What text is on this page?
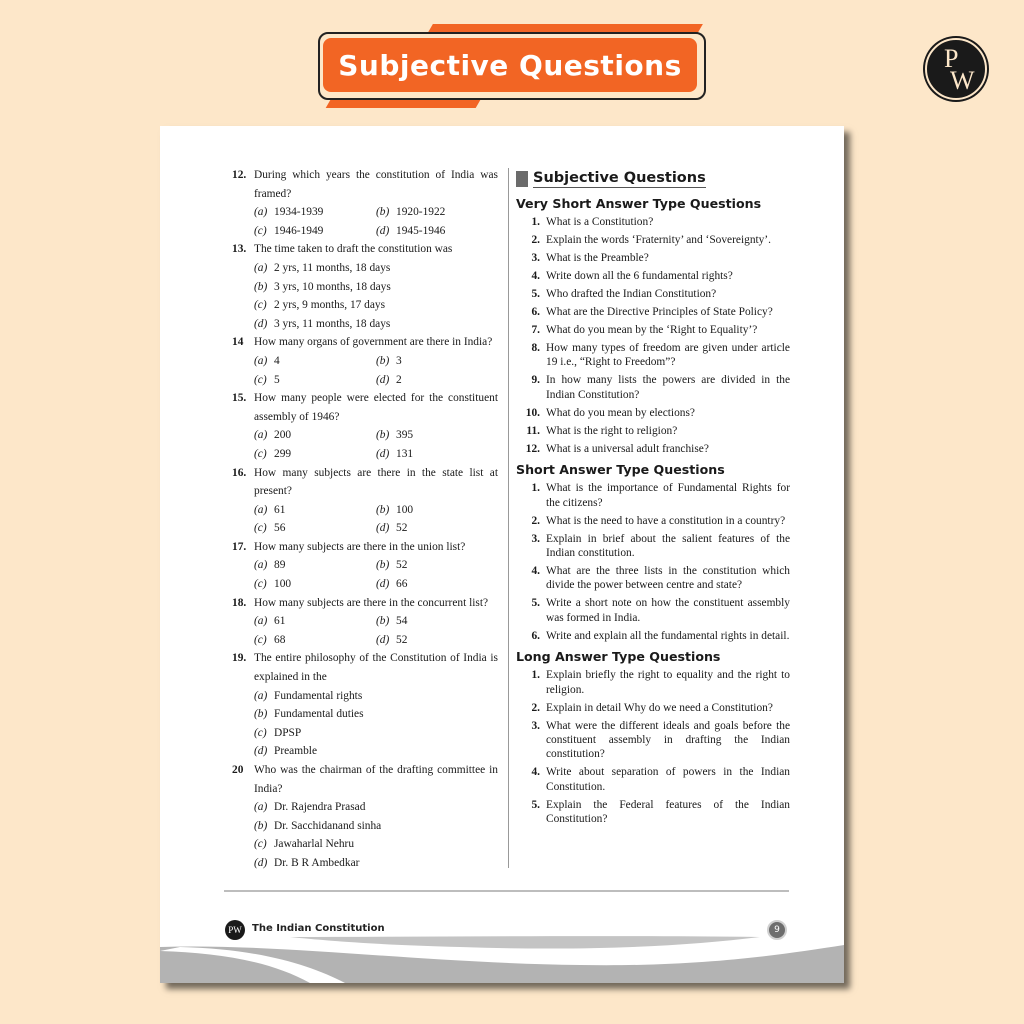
Subjective Questions	P
W
12. During which years the constitution of India was framed?
(a) 1934-1939	(b) 1920-1922
(c) 1946-1949	(d) 1945-1946
13. The time taken to draft the constitution was
(a) 2 yrs, 11 months, 18 days
(b) 3 yrs, 10 months, 18 days
(c) 2 yrs, 9 months, 17 days
(d) 3 yrs, 11 months, 18 days
14 How many organs of government are there in India?
(a) 4	(b) 3
(c) 5	(d) 2
15. How many people were elected for the constituent assembly of 1946?
(a) 200	(b) 395
(c) 299	(d) 131
16. How many subjects are there in the state list at present?
(a) 61	(b) 100
(c) 56	(d) 52
17. How many subjects are there in the union list?
(a) 89	(b) 52
(c) 100	(d) 66
18. How many subjects are there in the concurrent list?
(a) 61	(b) 54
(c) 68	(d) 52
19. The entire philosophy of the Constitution of India is explained in the
(a) Fundamental rights
(b) Fundamental duties
(c) DPSP
(d) Preamble
20 Who was the chairman of the drafting committee in India?
(a) Dr. Rajendra Prasad
(b) Dr. Sacchidanand sinha
(c) Jawaharlal Nehru
(d) Dr. B R Ambedkar
Subjective Questions
Very Short Answer Type Questions
1. What is a Constitution?
2. Explain the words ‘Fraternity’ and ‘Sovereignty’.
3. What is the Preamble?
4. Write down all the 6 fundamental rights?
5. Who drafted the Indian Constitution?
6. What are the Directive Principles of State Policy?
7. What do you mean by the ‘Right to Equality’?
8. How many types of freedom are given under article 19 i.e., “Right to Freedom”?
9. In how many lists the powers are divided in the Indian Constitution?
10. What do you mean by elections?
11. What is the right to religion?
12. What is a universal adult franchise?
Short Answer Type Questions
1. What is the importance of Fundamental Rights for the citizens?
2. What is the need to have a constitution in a country?
3. Explain in brief about the salient features of the Indian constitution.
4. What are the three lists in the constitution which divide the power between centre and state?
5. Write a short note on how the constituent assembly was formed in India.
6. Write and explain all the fundamental rights in detail.
Long Answer Type Questions
1. Explain briefly the right to equality and the right to religion.
2. Explain in detail Why do we need a Constitution?
3. What were the different ideals and goals before the constituent assembly in drafting the Indian constitution?
4. Write about separation of powers in the Indian Constitution.
5. Explain the Federal features of the Indian Constitution?
PW	The Indian Constitution	9
